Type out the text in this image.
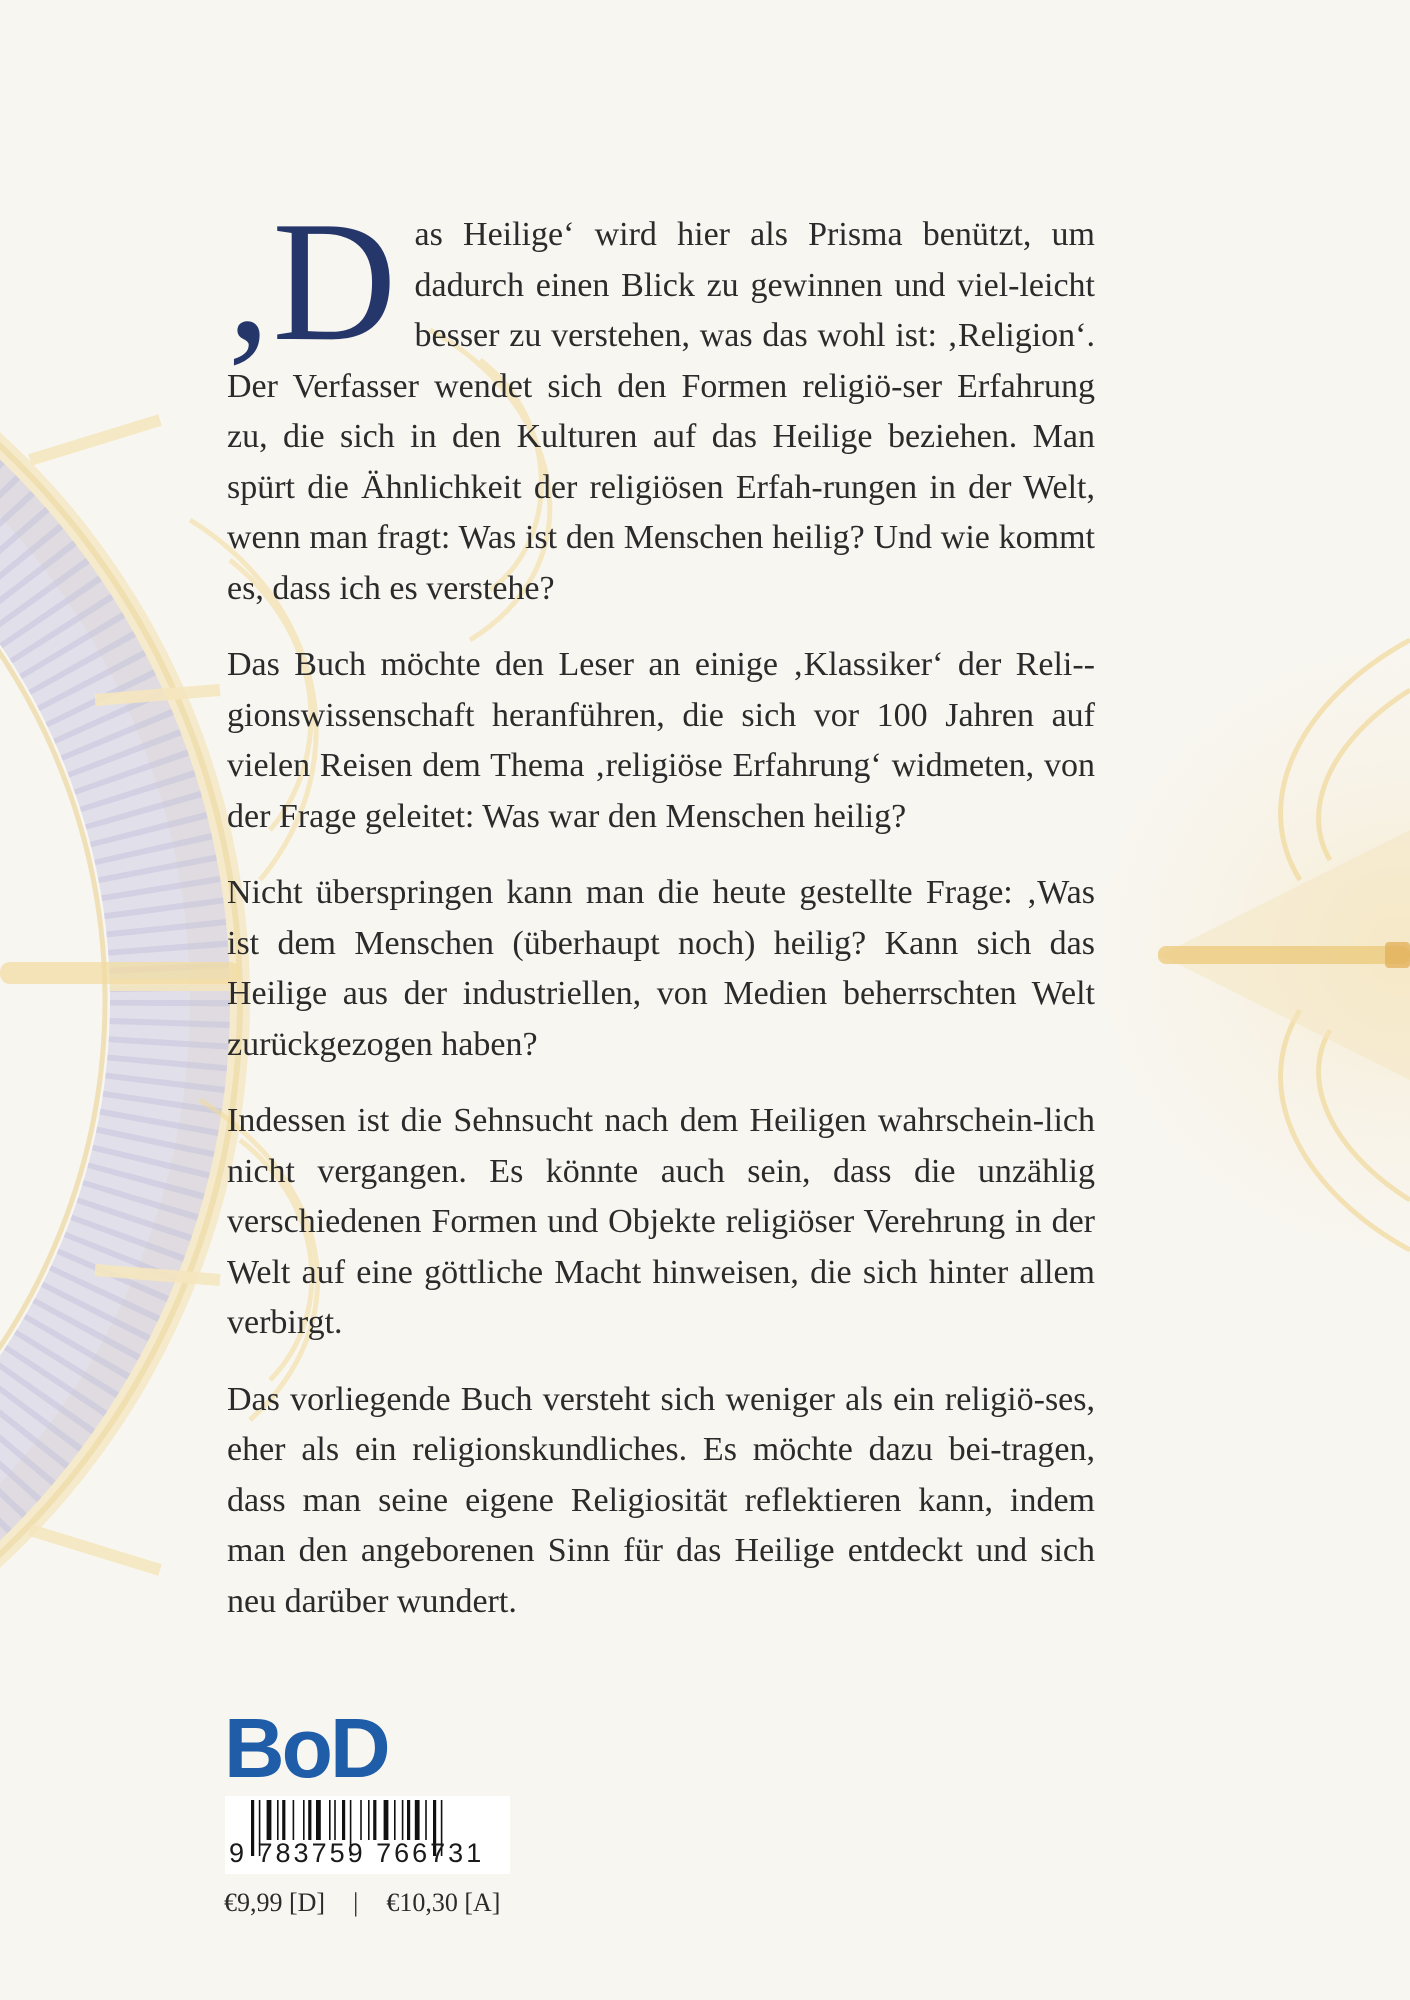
‚Das Heilige‘ wird hier als Prisma benützt, um dadurch einen Blick zu gewinnen und viel-leicht besser zu verstehen, was das wohl ist: ‚Religion‘. Der Verfasser wendet sich den Formen religiö-ser Erfahrung zu, die sich in den Kulturen auf das Heilige beziehen. Man spürt die Ähnlichkeit der religiösen Erfah-rungen in der Welt, wenn man fragt: Was ist den Menschen heilig? Und wie kommt es, dass ich es verstehe?

Das Buch möchte den Leser an einige ‚Klassiker‘ der Reli-gionswissenschaft heranführen, die sich vor 100 Jahren auf vielen Reisen dem Thema ‚religiöse Erfahrung‘ widmeten, von der Frage geleitet: Was war den Menschen heilig?

Nicht überspringen kann man die heute gestellte Frage: ‚Was ist dem Menschen (überhaupt noch) heilig? Kann sich das Heilige aus der industriellen, von Medien beherrschten Welt zurückgezogen haben?

Indessen ist die Sehnsucht nach dem Heiligen wahrschein-lich nicht vergangen. Es könnte auch sein, dass die unzählig verschiedenen Formen und Objekte religiöser Verehrung in der Welt auf eine göttliche Macht hinweisen, die sich hinter allem verbirgt.

Das vorliegende Buch versteht sich weniger als ein religiö-ses, eher als ein religionskundliches. Es möchte dazu bei-tragen, dass man seine eigene Religiosität reflektieren kann, indem man den angeborenen Sinn für das Heilige entdeckt und sich neu darüber wundert.

BoD
9 783759 766731
€9,99 [D] | €10,30 [A]
